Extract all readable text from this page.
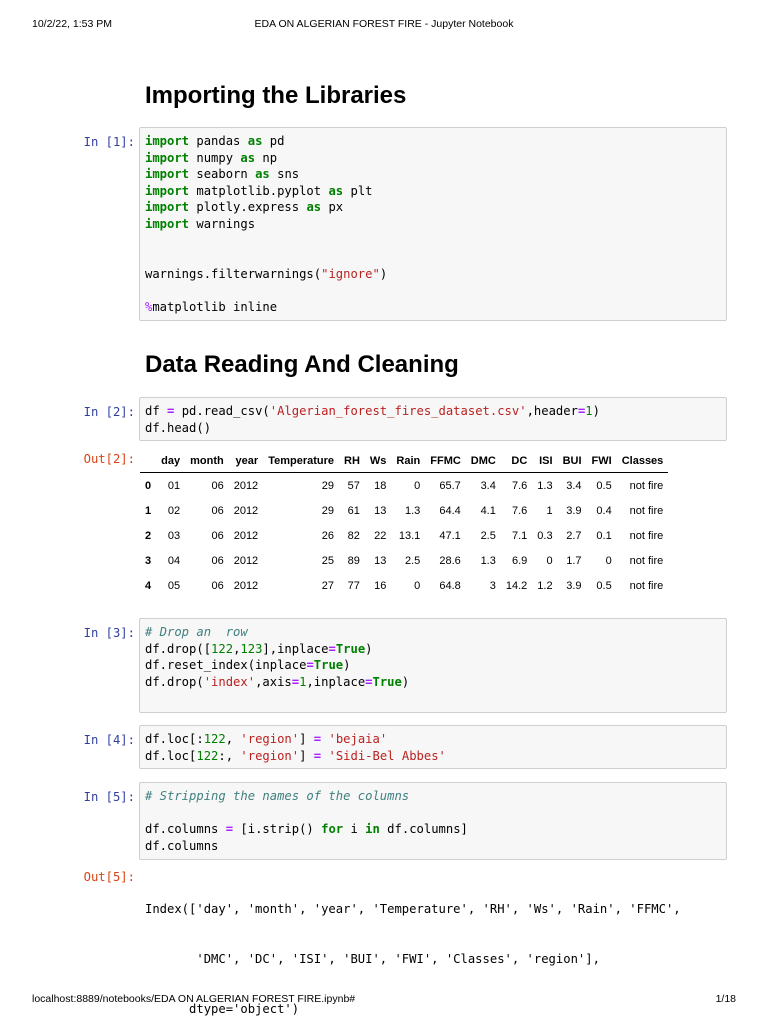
10/2/22, 1:53 PM	EDA ON ALGERIAN FOREST FIRE - Jupyter Notebook
Importing the Libraries
In [1]: import pandas as pd
import numpy as np
import seaborn as sns
import matplotlib.pyplot as plt
import plotly.express as px
import warnings
warnings.filterwarnings("ignore")
%matplotlib inline
Data Reading And Cleaning
In [2]: df = pd.read_csv('Algerian_forest_fires_dataset.csv',header=1)
df.head()
Out[2]:
	day	month	year	Temperature	RH	Ws	Rain	FFMC	DMC	DC	ISI	BUI	FWI	Classes
0	01	06	2012	29	57	18	0	65.7	3.4	7.6	1.3	3.4	0.5	not fire
1	02	06	2012	29	61	13	1.3	64.4	4.1	7.6	1	3.9	0.4	not fire
2	03	06	2012	26	82	22	13.1	47.1	2.5	7.1	0.3	2.7	0.1	not fire
3	04	06	2012	25	89	13	2.5	28.6	1.3	6.9	0	1.7	0	not fire
4	05	06	2012	27	77	16	0	64.8	3	14.2	1.2	3.9	0.5	not fire
In [3]: # Drop an  row
df.drop([122,123],inplace=True)
df.reset_index(inplace=True)
df.drop('index',axis=1,inplace=True)
In [4]: df.loc[:122, 'region'] = 'bejaia'
df.loc[122:, 'region'] = 'Sidi-Bel Abbes'
In [5]: # Stripping the names of the columns
df.columns = [i.strip() for i in df.columns]
df.columns
Out[5]:

Index(['day', 'month', 'year', 'Temperature', 'RH', 'Ws', 'Rain', 'FFMC',

'DMC', 'DC', 'ISI', 'BUI', 'FWI', 'Classes', 'region'],

dtype='object')

localhost:8889/notebooks/EDA ON ALGERIAN FOREST FIRE.ipynb#	1/18
